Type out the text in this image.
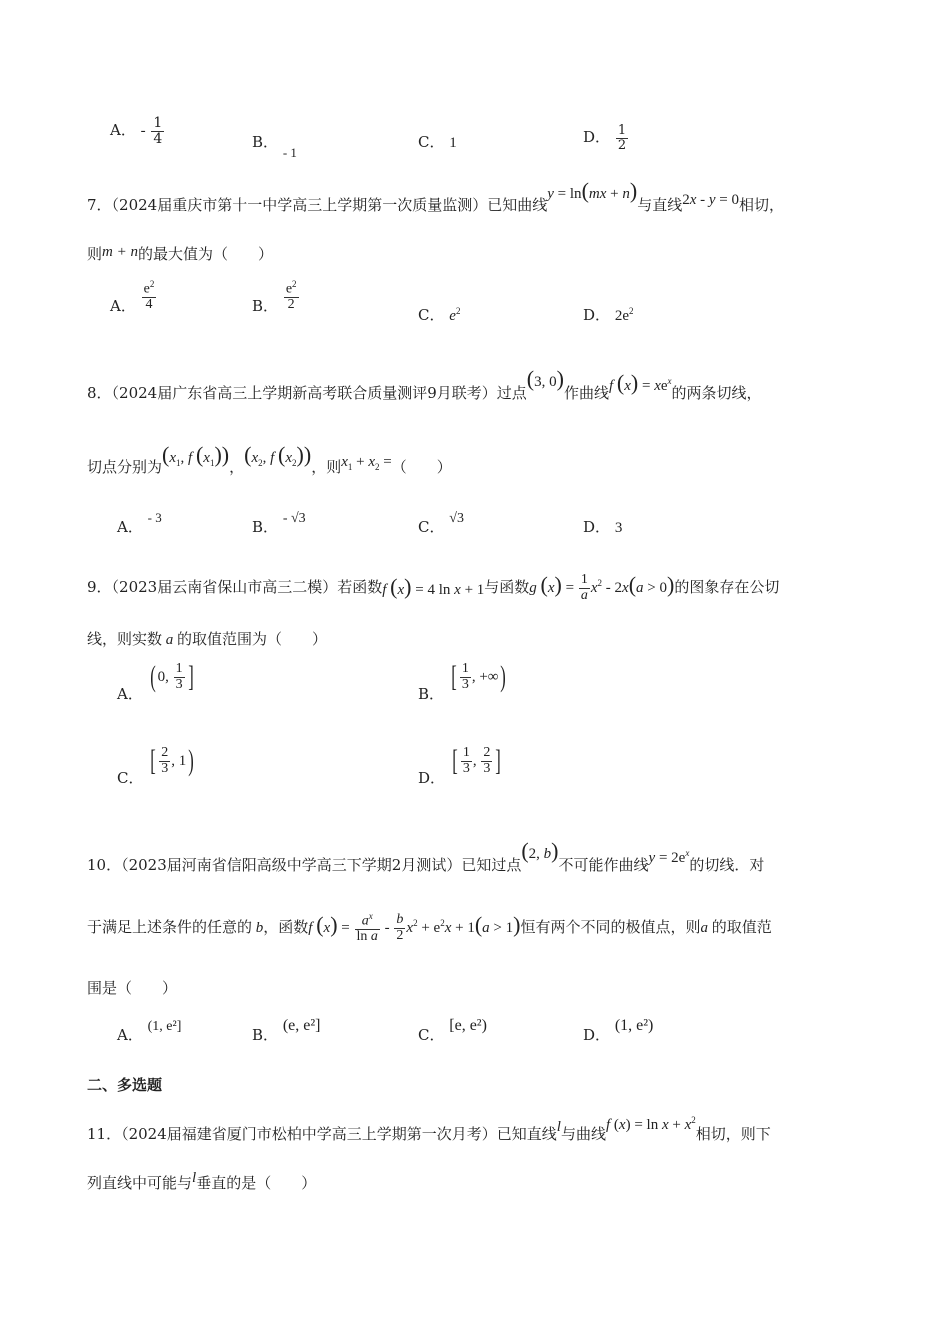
A． - $\frac{1}{4}$	B． - 1
C． 1	D． $\frac{1}{2}$
7．（2024届重庆市第十一中学高三上学期第一次质量监测）已知曲线y = ln(mx + n)与直线2x - y = 0相切，
则m + n的最大值为（　　）
A． $\frac{e^2}{4}$	B． $\frac{e^2}{2}$
C． $e^2$	D． $2e^2$
8．（2024届广东省高三上学期新高考联合质量测评9月联考）过点(3, 0)作曲线f $(x) = xe^x$的两条切线，
切点分别为($x_1$, f $(x_1)$)，($x_2$, f $(x_2)$)，则$x_1 + x_2$ =（　　）
A． - 3
B． - √3	C． √3	D． 3
9．（2023届云南省保山市高三二模）若函数f (x) = 4 ln x + 1与函数g $(x) = \frac{1}{a} x^2 - 2x(a > 0)$的图象存在公切
线，则实数 a 的取值范围为（　　）
A． ( 0, $\frac{1}{3}$ ]
B． [ $\frac{1}{3}$ , +∞)
C． [ $\frac{2}{3}$ , 1)
D． [ $\frac{1}{3}$ , $\frac{2}{3}$ ]
10．（2023届河南省信阳高级中学高三下学期2月测试）已知过点(2, b)不可能作曲线$y = 2e^x$的切线．对
于满足上述条件的任意的 b，函数f $(x) = \frac{a^x}{\text{ln a}} - \frac{b}{2} x^2 + e^2x + 1(a > 1)$恒有两个不同的极值点，则a 的取值范
围是（　　）
A． (1, e²]	B． (e, e²]
C． [e, e²)
D． (1, e²)
二、多选题
11．（2024届福建省厦门市松柏中学高三上学期第一次月考）已知直线l与曲线f $(x) = \ln x + x^2$相切，则下
列直线中可能与l垂直的是（　　）
